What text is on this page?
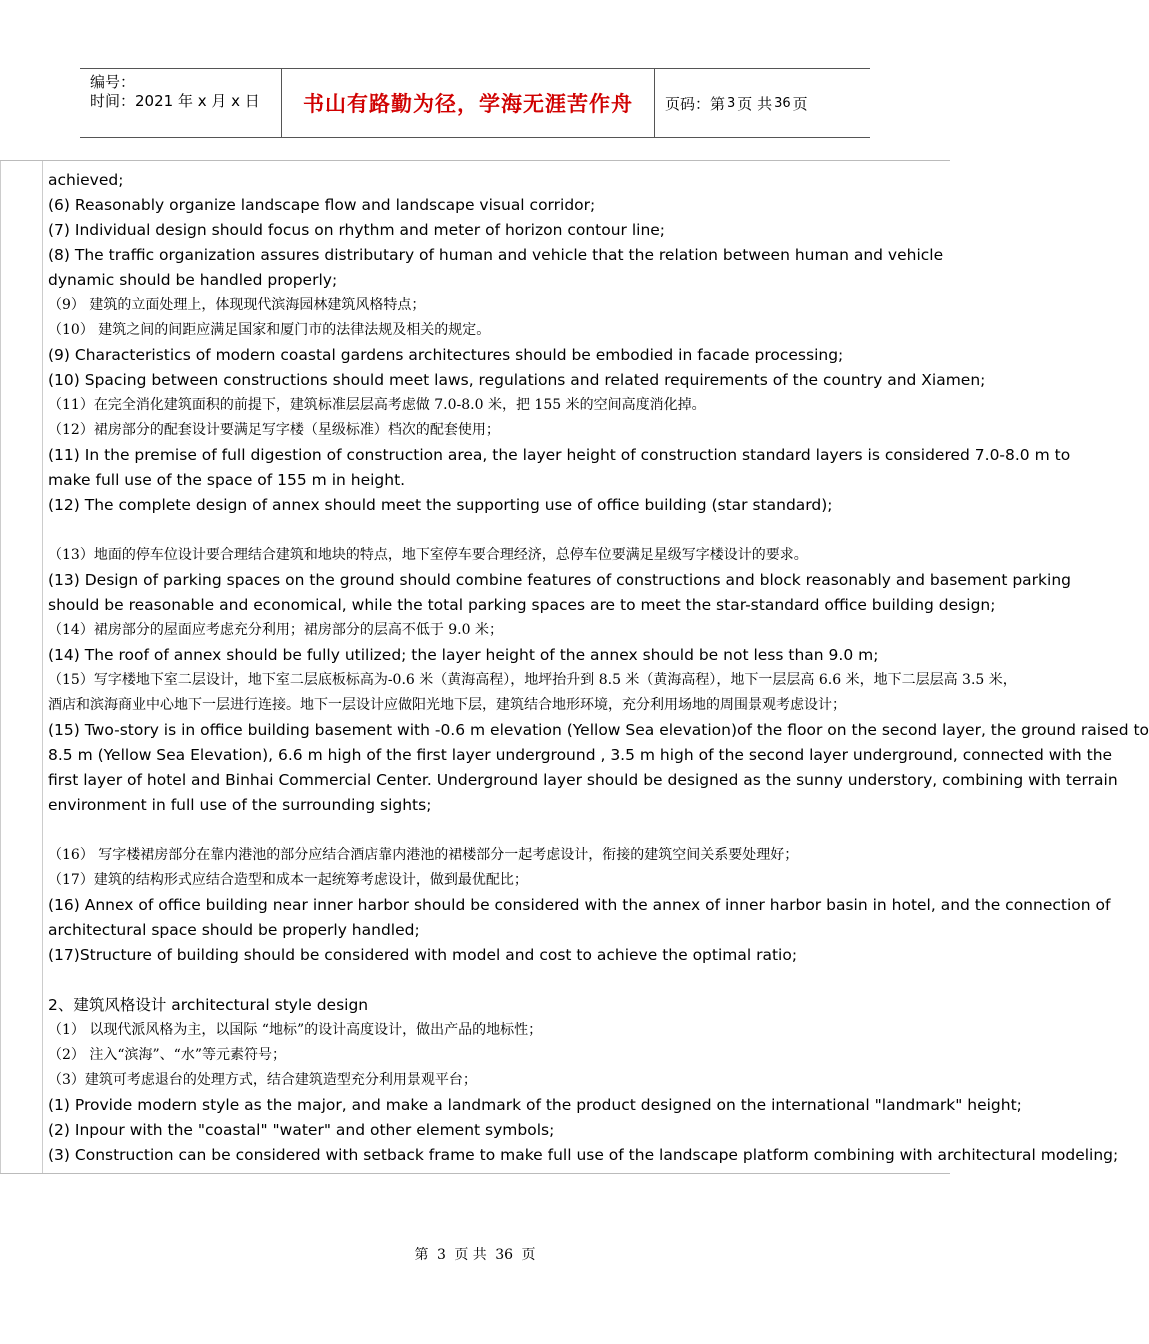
编号：
时间：2021 年 x 月 x 日	书山有路勤为径，学海无涯苦作舟	页码：第 3 页 共 36 页
achieved;
(6) Reasonably organize landscape flow and landscape visual corridor;
(7) Individual design should focus on rhythm and meter of horizon contour line;
(8) The traffic organization assures distributary of human and vehicle that the relation between human and vehicle
dynamic should be handled properly;
（9） 建筑的立面处理上，体现现代滨海园林建筑风格特点；
（10） 建筑之间的间距应满足国家和厦门市的法律法规及相关的规定。
(9) Characteristics of modern coastal gardens architectures should be embodied in facade processing;
(10) Spacing between constructions should meet laws, regulations and related requirements of the country and Xiamen;
（11）在完全消化建筑面积的前提下，建筑标准层层高考虑做 7.0-8.0 米，把 155 米的空间高度消化掉。
（12）裙房部分的配套设计要满足写字楼（星级标准）档次的配套使用；
(11) In the premise of full digestion of construction area, the layer height of construction standard layers is considered 7.0-8.0 m to
make full use of the space of 155 m in height.
(12) The complete design of annex should meet the supporting use of office building (star standard);
（13）地面的停车位设计要合理结合建筑和地块的特点，地下室停车要合理经济，总停车位要满足星级写字楼设计的要求。
(13) Design of parking spaces on the ground should combine features of constructions and block reasonably and basement parking
should be reasonable and economical, while the total parking spaces are to meet the star-standard office building design;
（14）裙房部分的屋面应考虑充分利用；裙房部分的层高不低于 9.0 米；
(14) The roof of annex should be fully utilized; the layer height of the annex should be not less than 9.0 m;
（15）写字楼地下室二层设计，地下室二层底板标高为-0.6 米（黄海高程），地坪抬升到 8.5 米（黄海高程），地下一层层高 6.6 米，地下二层层高 3.5 米，
酒店和滨海商业中心地下一层进行连接。地下一层设计应做阳光地下层，建筑结合地形环境，充分利用场地的周围景观考虑设计；
(15) Two-story is in office building basement with -0.6 m elevation (Yellow Sea elevation)of the floor on the second layer, the ground raised to
8.5 m (Yellow Sea Elevation), 6.6 m high of the first layer underground , 3.5 m high of the second layer underground, connected with the
first layer of hotel and Binhai Commercial Center. Underground layer should be designed as the sunny understory, combining with terrain
environment in full use of the surrounding sights;
（16） 写字楼裙房部分在靠内港池的部分应结合酒店靠内港池的裙楼部分一起考虑设计，衔接的建筑空间关系要处理好；
（17）建筑的结构形式应结合造型和成本一起统筹考虑设计，做到最优配比；
(16) Annex of office building near inner harbor should be considered with the annex of inner harbor basin in hotel, and the connection of
architectural space should be properly handled;
(17)Structure of building should be considered with model and cost to achieve the optimal ratio;
2、建筑风格设计 architectural style design
（1） 以现代派风格为主，以国际 “地标”的设计高度设计，做出产品的地标性；
（2） 注入“滨海”、“水”等元素符号；
（3）建筑可考虑退台的处理方式，结合建筑造型充分利用景观平台；
(1) Provide modern style as the major, and make a landmark of the product designed on the international "landmark" height;
(2) Inpour with the "coastal" "water" and other element symbols;
(3) Construction can be considered with setback frame to make full use of the landscape platform combining with architectural modeling;
第 3 页 共 36 页
